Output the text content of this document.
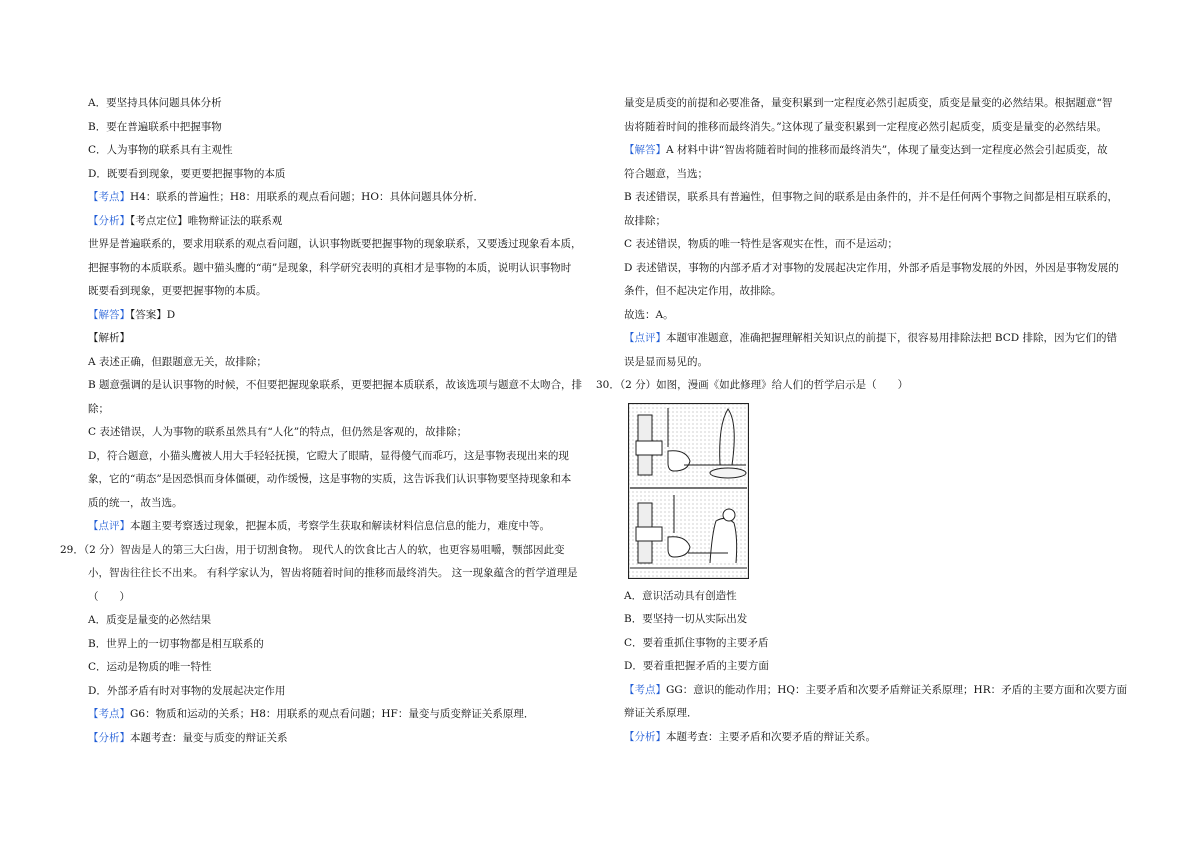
A．要坚持具体问题具体分析
B．要在普遍联系中把握事物
C．人为事物的联系具有主观性
D．既要看到现象，要更要把握事物的本质
【考点】H4：联系的普遍性；H8：用联系的观点看问题；HO：具体问题具体分析．
【分析】【考点定位】唯物辩证法的联系观
世界是普遍联系的，要求用联系的观点看问题，认识事物既要把握事物的现象联系，又要透过现象看本质，
把握事物的本质联系。题中猫头鹰的“萌”是现象，科学研究表明的真相才是事物的本质，说明认识事物时
既要看到现象，更要把握事物的本质。
【解答】【答案】D
【解析】
A 表述正确，但跟题意无关，故排除；
B 题意强调的是认识事物的时候，不但要把握现象联系，更要把握本质联系，故该选项与题意不太吻合，排
除；
C 表述错误，人为事物的联系虽然具有“人化”的特点，但仍然是客观的，故排除；
D，符合题意，小猫头鹰被人用大手轻轻抚摸，它瞪大了眼睛，显得傻气而乖巧，这是事物表现出来的现
象，它的“萌态”是因恐惧而身体僵硬，动作缓慢，这是事物的实质，这告诉我们认识事物要坚持现象和本
质的统一，故当选。
【点评】本题主要考察透过现象，把握本质，考察学生获取和解读材料信息信息的能力，难度中等。
29．（2 分）智齿是人的第三大臼齿，用于切割食物。 现代人的饮食比古人的软，也更容易咀嚼，颚部因此变
小，智齿往往长不出来。 有科学家认为，智齿将随着时间的推移而最终消失。 这一现象蕴含的哲学道理是
（　　）
A．质变是量变的必然结果
B．世界上的一切事物都是相互联系的
C．运动是物质的唯一特性
D．外部矛盾有时对事物的发展起决定作用
【考点】G6：物质和运动的关系；H8：用联系的观点看问题；HF：量变与质变辩证关系原理．
【分析】本题考查：量变与质变的辩证关系
量变是质变的前提和必要准备，量变积累到一定程度必然引起质变，质变是量变的必然结果。根据题意“智
齿将随着时间的推移而最终消失。”这体现了量变积累到一定程度必然引起质变，质变是量变的必然结果。
【解答】A 材料中讲“智齿将随着时间的推移而最终消失”，体现了量变达到一定程度必然会引起质变，故
符合题意，当选；
B 表述错误，联系具有普遍性，但事物之间的联系是由条件的，并不是任何两个事物之间都是相互联系的，
故排除；
C 表述错误，物质的唯一特性是客观实在性，而不是运动；
D 表述错误，事物的内部矛盾才对事物的发展起决定作用，外部矛盾是事物发展的外因，外因是事物发展的
条件，但不起决定作用，故排除。
故选：A。
【点评】本题审准题意，准确把握理解相关知识点的前提下，很容易用排除法把 BCD 排除，因为它们的错
误是显而易见的。
30．（2 分）如图，漫画《如此修理》给人们的哲学启示是（　　）
A．意识活动具有创造性
B．要坚持一切从实际出发
C．要着重抓住事物的主要矛盾
D．要着重把握矛盾的主要方面
【考点】GG：意识的能动作用；HQ：主要矛盾和次要矛盾辩证关系原理；HR：矛盾的主要方面和次要方面
辩证关系原理．
【分析】本题考查：主要矛盾和次要矛盾的辩证关系。
